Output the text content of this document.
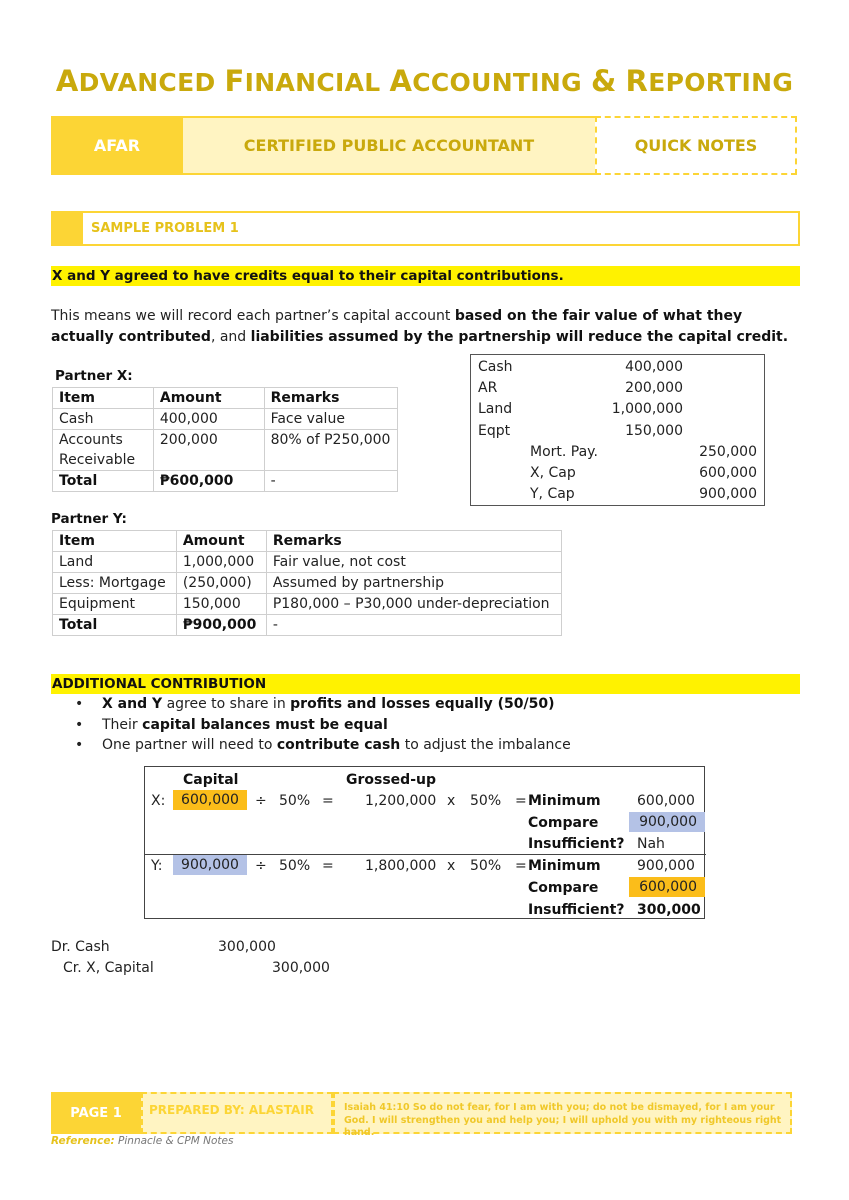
ADVANCED FINANCIAL ACCOUNTING & REPORTING
AFAR	CERTIFIED PUBLIC ACCOUNTANT	QUICK NOTES
SAMPLE PROBLEM 1
X and Y agreed to have credits equal to their capital contributions.
This means we will record each partner’s capital account based on the fair value of what they actually contributed, and liabilities assumed by the partnership will reduce the capital credit.
Partner X:
Item	Amount	Remarks
Cash	400,000	Face value
Accounts Receivable	200,000	80% of P250,000
Total	₱600,000	-
Cash	400,000
AR	200,000
Land	1,000,000
Eqpt	150,000
Mort. Pay.	250,000
X, Cap	600,000
Y, Cap	900,000
Partner Y:
Item	Amount	Remarks
Land	1,000,000	Fair value, not cost
Less: Mortgage	(250,000)	Assumed by partnership
Equipment	150,000	P180,000 – P30,000 under-depreciation
Total	₱900,000	-
ADDITIONAL CONTRIBUTION
• X and Y agree to share in profits and losses equally (50/50)
• Their capital balances must be equal
• One partner will need to contribute cash to adjust the imbalance
Capital	Grossed-up
X:	600,000	÷ 50% = 1,200,000 x 50% = Minimum	600,000
Compare	900,000
Insufficient? Nah
Y:	900,000	÷ 50% = 1,800,000 x 50% = Minimum	900,000
Compare	600,000
Insufficient? 300,000
Dr. Cash	300,000
Cr. X, Capital	300,000
PAGE 1	PREPARED BY: ALASTAIR	Isaiah 41:10 So do not fear, for I am with you; do not be dismayed, for I am your God. I will strengthen you and help you; I will uphold you with my righteous right hand.
Reference: Pinnacle & CPM Notes
